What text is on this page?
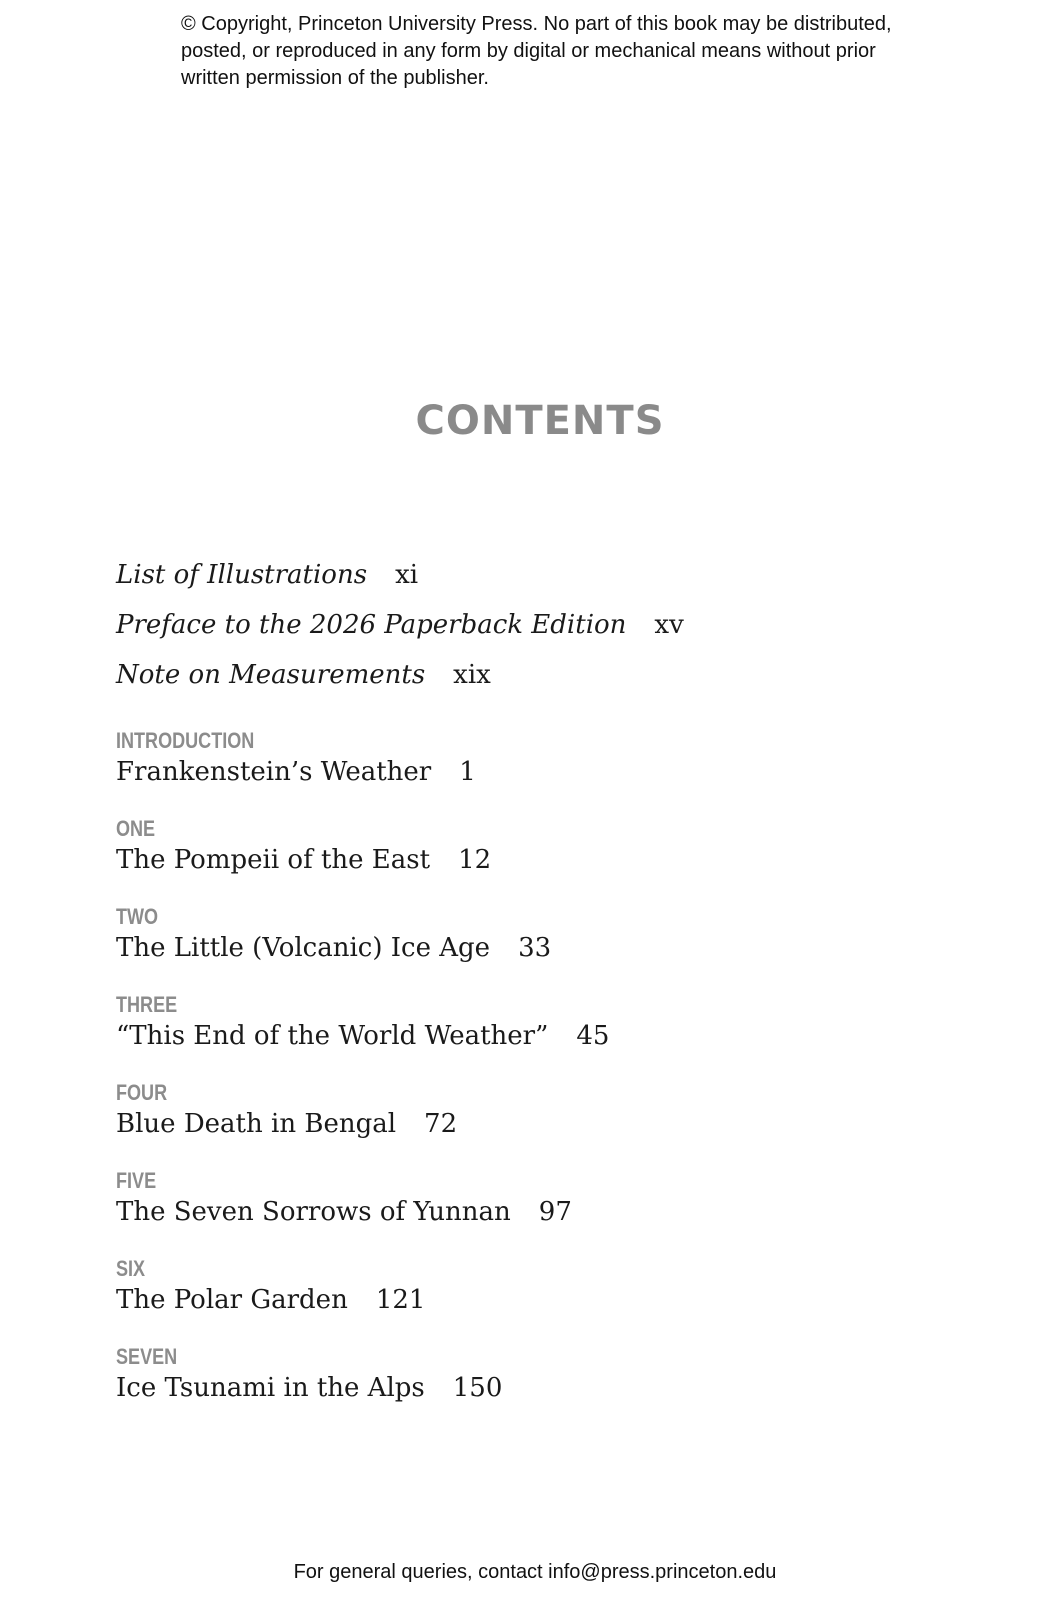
© Copyright, Princeton University Press. No part of this book may be distributed, posted, or reproduced in any form by digital or mechanical means without prior written permission of the publisher.
CONTENTS
List of Illustrations xi
Preface to the 2026 Paperback Edition xv
Note on Measurements xix
INTRODUCTION
Frankenstein’s Weather 1
ONE
The Pompeii of the East 12
TWO
The Little (Volcanic) Ice Age 33
THREE
“This End of the World Weather” 45
FOUR
Blue Death in Bengal 72
FIVE
The Seven Sorrows of Yunnan 97
SIX
The Polar Garden 121
SEVEN
Ice Tsunami in the Alps 150
For general queries, contact info@press.princeton.edu
